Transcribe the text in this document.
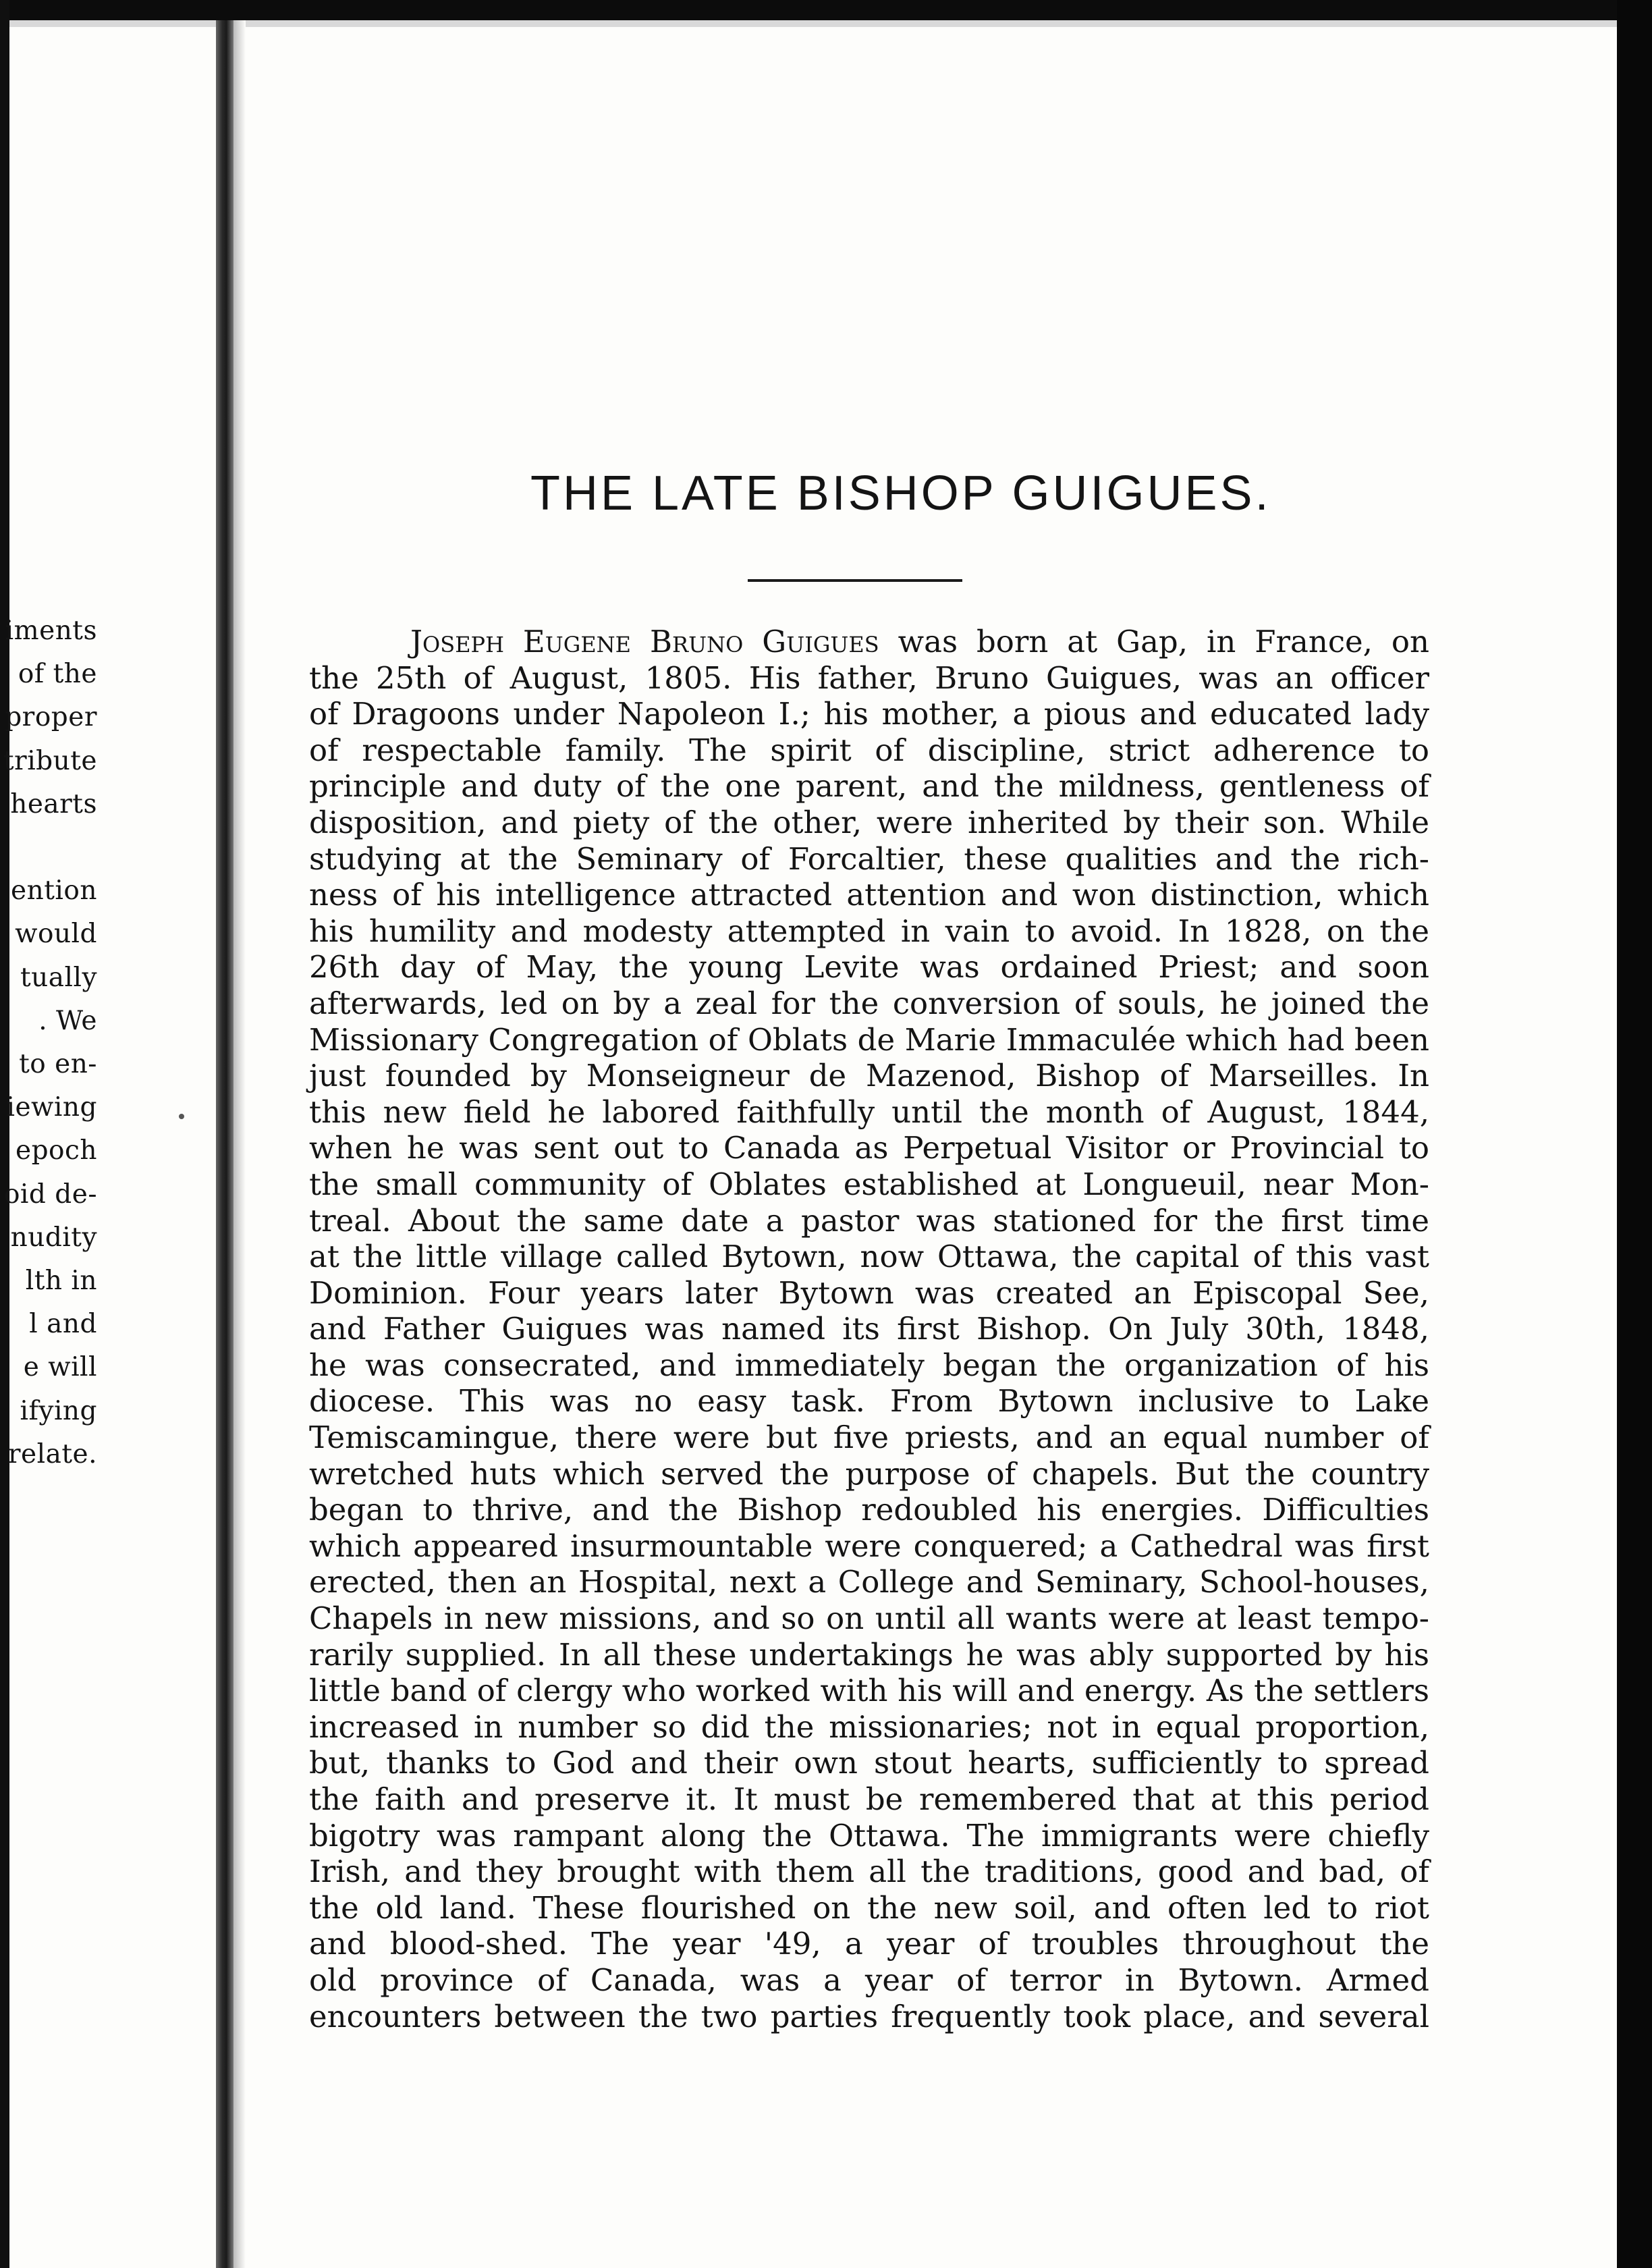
iments
of the
proper
tribute
hearts
ention
would
tually
. We
to en-
iewing
epoch
oid de-
nudity
lth in
l and
e will
ifying
relate.
THE LATE BISHOP GUIGUES.
Joseph Eugene Bruno Guigues was born at Gap, in France, on
the 25th of August, 1805. His father, Bruno Guigues, was an officer
of Dragoons under Napoleon I.; his mother, a pious and educated lady
of respectable family. The spirit of discipline, strict adherence to
principle and duty of the one parent, and the mildness, gentleness of
disposition, and piety of the other, were inherited by their son. While
studying at the Seminary of Forcaltier, these qualities and the rich-
ness of his intelligence attracted attention and won distinction, which
his humility and modesty attempted in vain to avoid. In 1828, on the
26th day of May, the young Levite was ordained Priest; and soon
afterwards, led on by a zeal for the conversion of souls, he joined the
Missionary Congregation of Oblats de Marie Immaculée which had been
just founded by Monseigneur de Mazenod, Bishop of Marseilles. In
this new field he labored faithfully until the month of August, 1844,
when he was sent out to Canada as Perpetual Visitor or Provincial to
the small community of Oblates established at Longueuil, near Mon-
treal. About the same date a pastor was stationed for the first time
at the little village called Bytown, now Ottawa, the capital of this vast
Dominion. Four years later Bytown was created an Episcopal See,
and Father Guigues was named its first Bishop. On July 30th, 1848,
he was consecrated, and immediately began the organization of his
diocese. This was no easy task. From Bytown inclusive to Lake
Temiscamingue, there were but five priests, and an equal number of
wretched huts which served the purpose of chapels. But the country
began to thrive, and the Bishop redoubled his energies. Difficulties
which appeared insurmountable were conquered; a Cathedral was first
erected, then an Hospital, next a College and Seminary, School-houses,
Chapels in new missions, and so on until all wants were at least tempo-
rarily supplied. In all these undertakings he was ably supported by his
little band of clergy who worked with his will and energy. As the settlers
increased in number so did the missionaries; not in equal proportion,
but, thanks to God and their own stout hearts, sufficiently to spread
the faith and preserve it. It must be remembered that at this period
bigotry was rampant along the Ottawa. The immigrants were chiefly
Irish, and they brought with them all the traditions, good and bad, of
the old land. These flourished on the new soil, and often led to riot
and blood-shed. The year '49, a year of troubles throughout the
old province of Canada, was a year of terror in Bytown. Armed
encounters between the two parties frequently took place, and several
